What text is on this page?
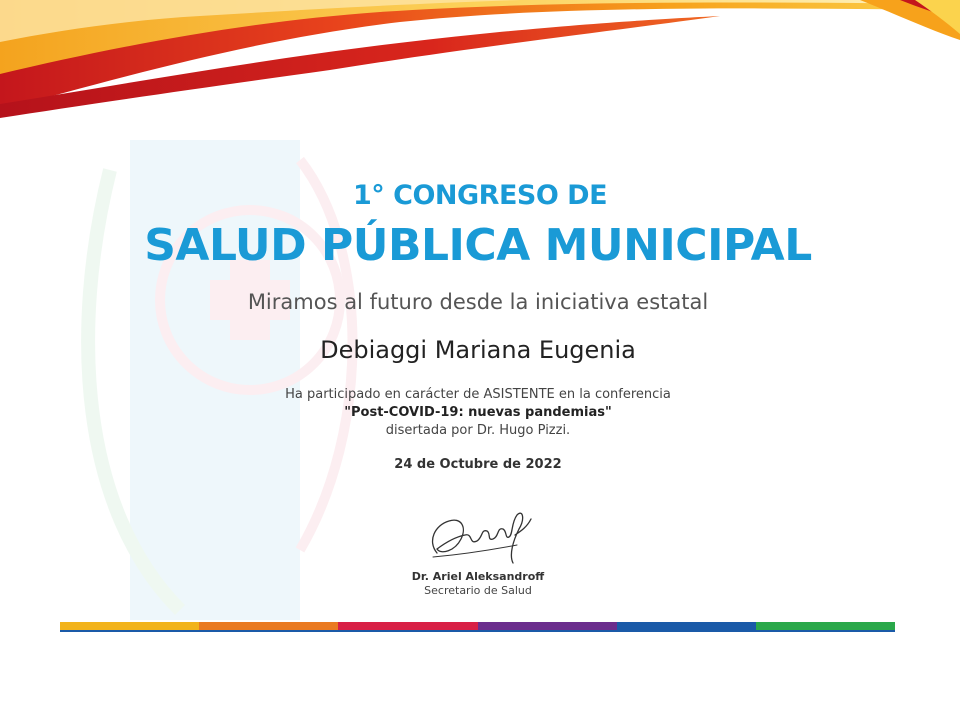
1° CONGRESO DE
SALUD PÚBLICA MUNICIPAL
Miramos al futuro desde la iniciativa estatal
Debiaggi Mariana Eugenia
Ha participado en carácter de ASISTENTE en la conferencia
"Post-COVID-19: nuevas pandemias"
disertada por Dr. Hugo Pizzi.
24 de Octubre de 2022
Dr. Ariel Aleksandroff
Secretario de Salud
